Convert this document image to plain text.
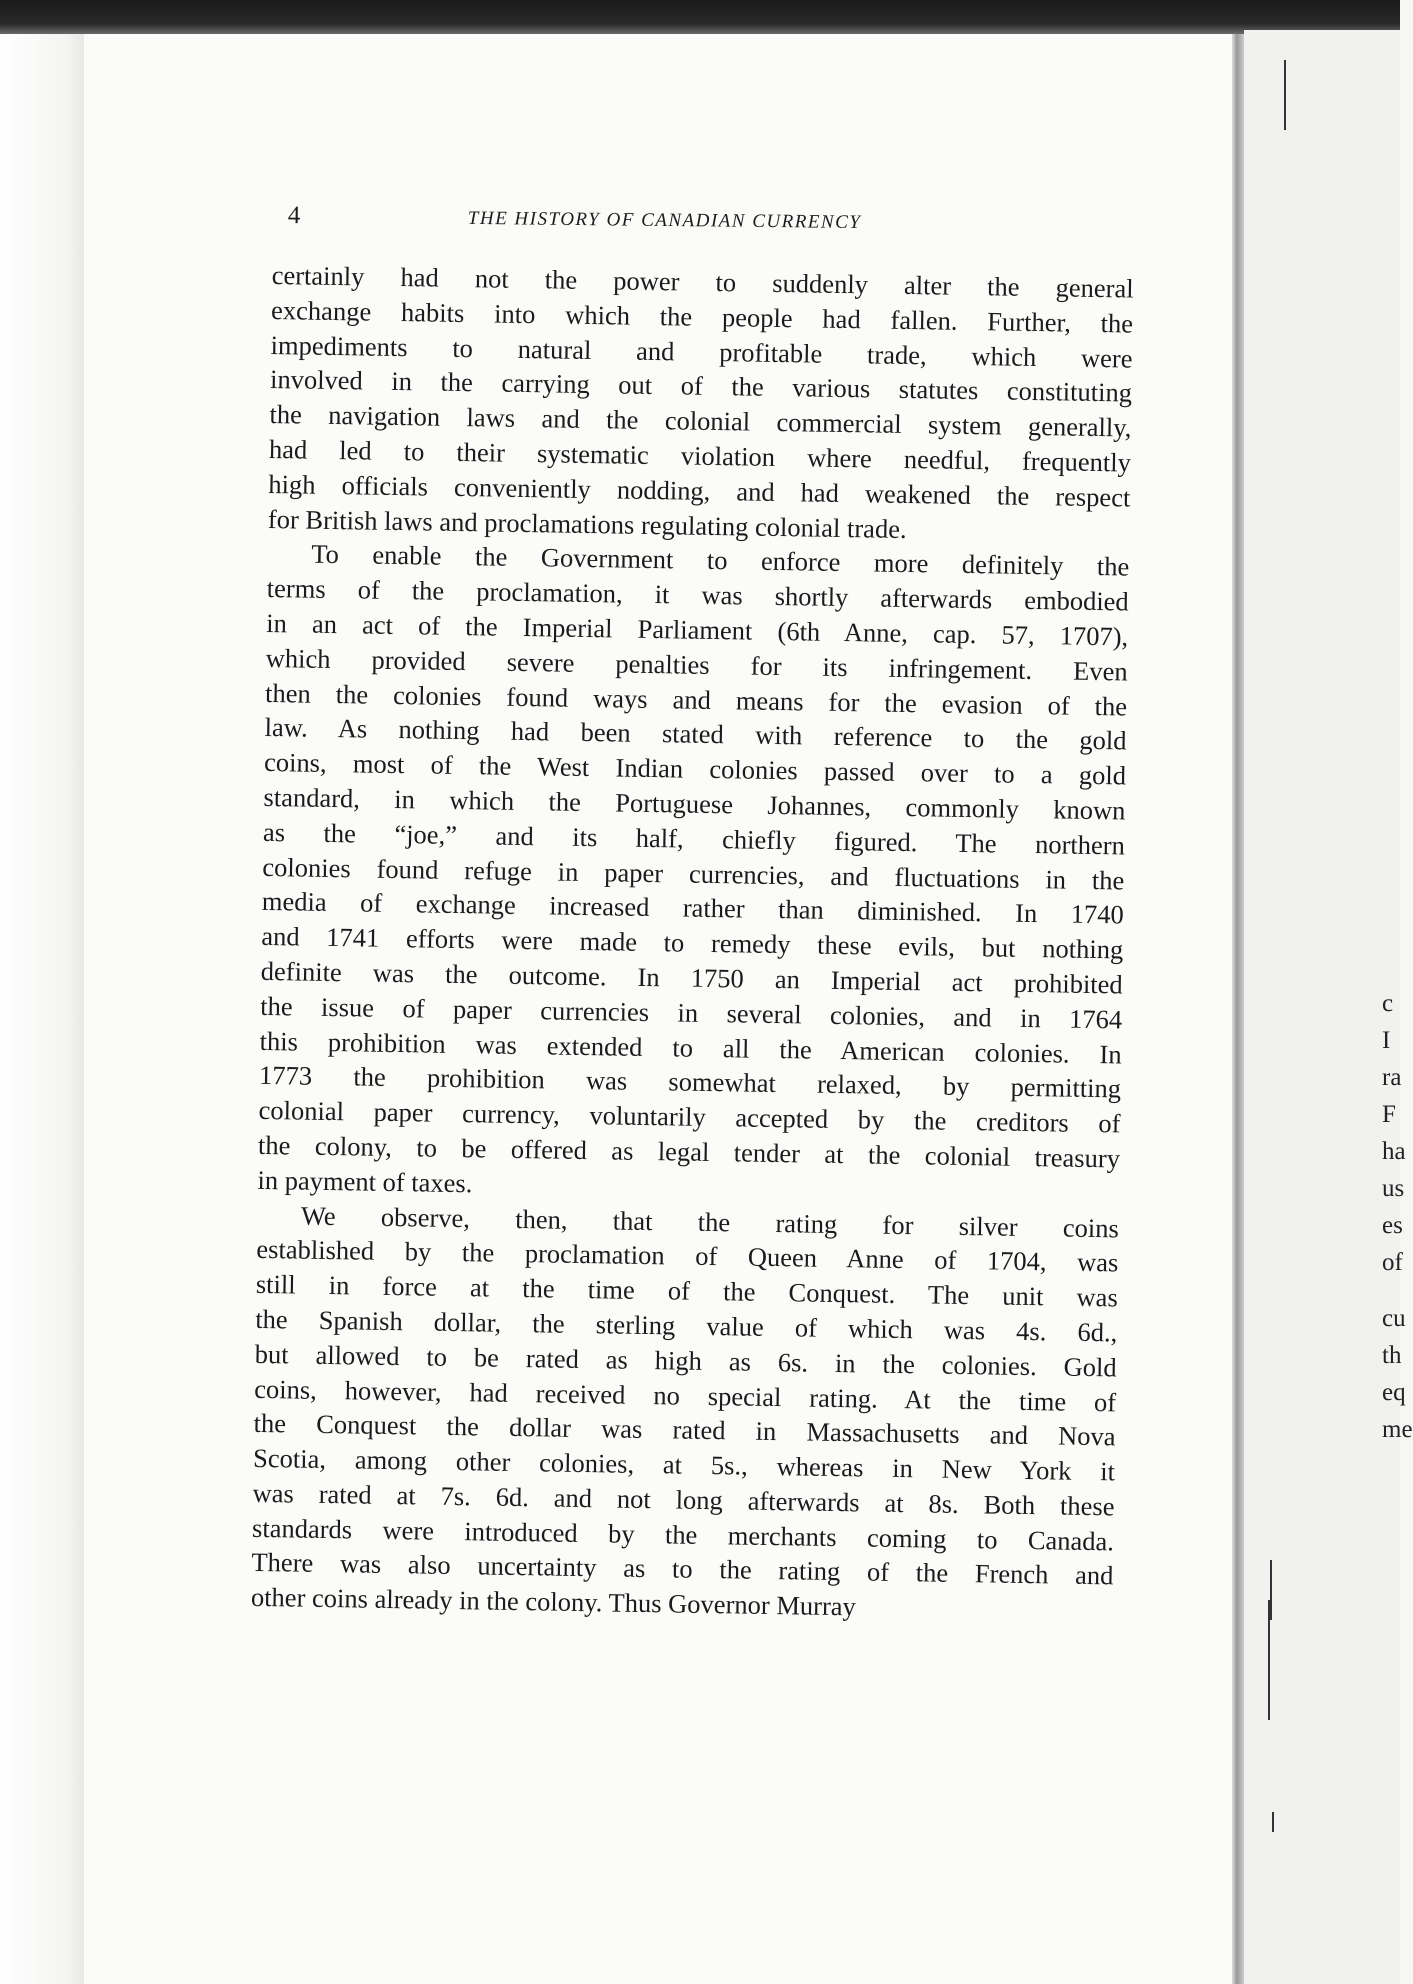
c
I
ra
F
ha
us
es
of
cu
th
eq
me
4	THE HISTORY OF CANADIAN CURRENCY
certainly had not the power to suddenly alter the general
exchange habits into which the people had fallen. Further, the
impediments to natural and profitable trade, which were
involved in the carrying out of the various statutes constituting
the navigation laws and the colonial commercial system generally,
had led to their systematic violation where needful, frequently
high officials conveniently nodding, and had weakened the respect
for British laws and proclamations regulating colonial trade.
To enable the Government to enforce more definitely the
terms of the proclamation, it was shortly afterwards embodied
in an act of the Imperial Parliament (6th Anne, cap. 57, 1707),
which provided severe penalties for its infringement. Even
then the colonies found ways and means for the evasion of the
law. As nothing had been stated with reference to the gold
coins, most of the West Indian colonies passed over to a gold
standard, in which the Portuguese Johannes, commonly known
as the “joe,” and its half, chiefly figured. The northern
colonies found refuge in paper currencies, and fluctuations in the
media of exchange increased rather than diminished. In 1740
and 1741 efforts were made to remedy these evils, but nothing
definite was the outcome. In 1750 an Imperial act prohibited
the issue of paper currencies in several colonies, and in 1764
this prohibition was extended to all the American colonies. In
1773 the prohibition was somewhat relaxed, by permitting
colonial paper currency, voluntarily accepted by the creditors of
the colony, to be offered as legal tender at the colonial treasury
in payment of taxes.
We observe, then, that the rating for silver coins
established by the proclamation of Queen Anne of 1704, was
still in force at the time of the Conquest. The unit was
the Spanish dollar, the sterling value of which was 4s. 6d.,
but allowed to be rated as high as 6s. in the colonies. Gold
coins, however, had received no special rating. At the time of
the Conquest the dollar was rated in Massachusetts and Nova
Scotia, among other colonies, at 5s., whereas in New York it
was rated at 7s. 6d. and not long afterwards at 8s. Both these
standards were introduced by the merchants coming to Canada.
There was also uncertainty as to the rating of the French and
other coins already in the colony. Thus Governor Murray
